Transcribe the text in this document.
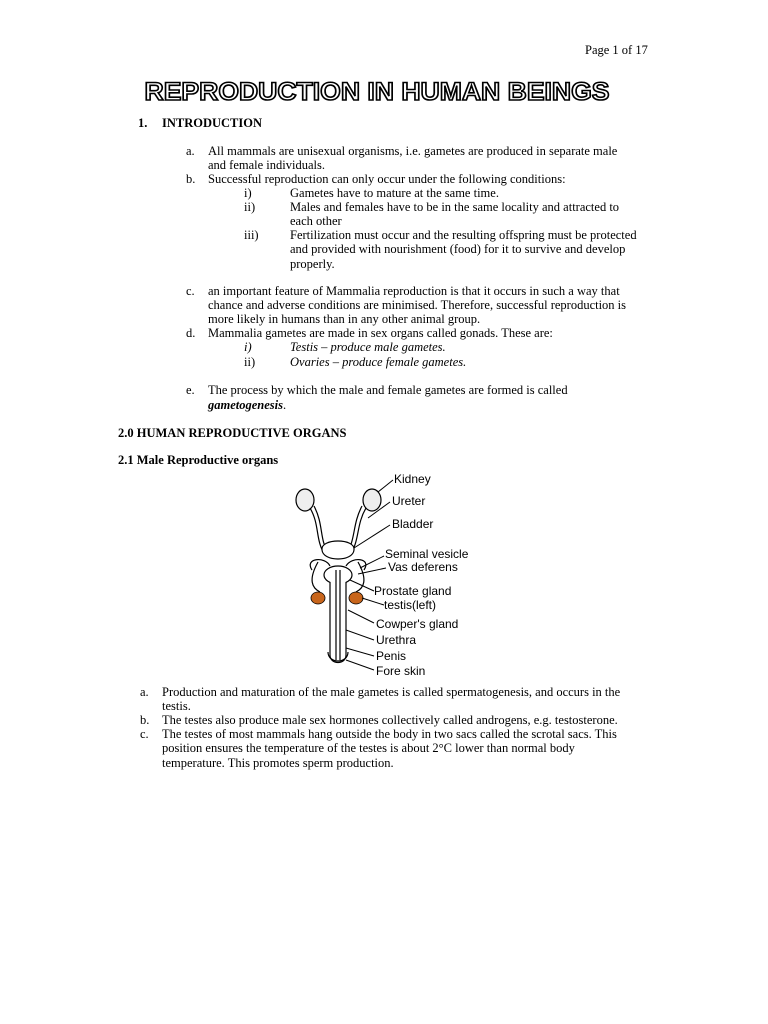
Page 1 of 17
REPRODUCTION IN HUMAN BEINGS
1. INTRODUCTION
a. All mammals are unisexual organisms, i.e. gametes are produced in separate male
and female individuals.
b. Successful reproduction can only occur under the following conditions:
i)	Gametes have to mature at the same time.
ii)	Males and females have to be in the same locality and attracted to
each other
iii)	Fertilization must occur and the resulting offspring must be protected
and provided with nourishment (food) for it to survive and develop
properly.
c. an important feature of Mammalia reproduction is that it occurs in such a way that
chance and adverse conditions are minimised. Therefore, successful reproduction is
more likely in humans than in any other animal group.
d. Mammalia gametes are made in sex organs called gonads. These are:
i)	Testis – produce male gametes.
ii)	Ovaries – produce female gametes.
e. The process by which the male and female gametes are formed is called
gametogenesis.
2.0 HUMAN REPRODUCTIVE ORGANS
2.1 Male Reproductive organs
Kidney
Ureter
Bladder
Seminal vesicle
Vas deferens
Prostate gland
testis(left)
Cowper's gland
Urethra
Penis
Fore skin
a. Production and maturation of the male gametes is called spermatogenesis, and occurs in the
testis.
b. The testes also produce male sex hormones collectively called androgens, e.g. testosterone.
c. The testes of most mammals hang outside the body in two sacs called the scrotal sacs. This
position ensures the temperature of the testes is about 2°C lower than normal body
temperature. This promotes sperm production.
